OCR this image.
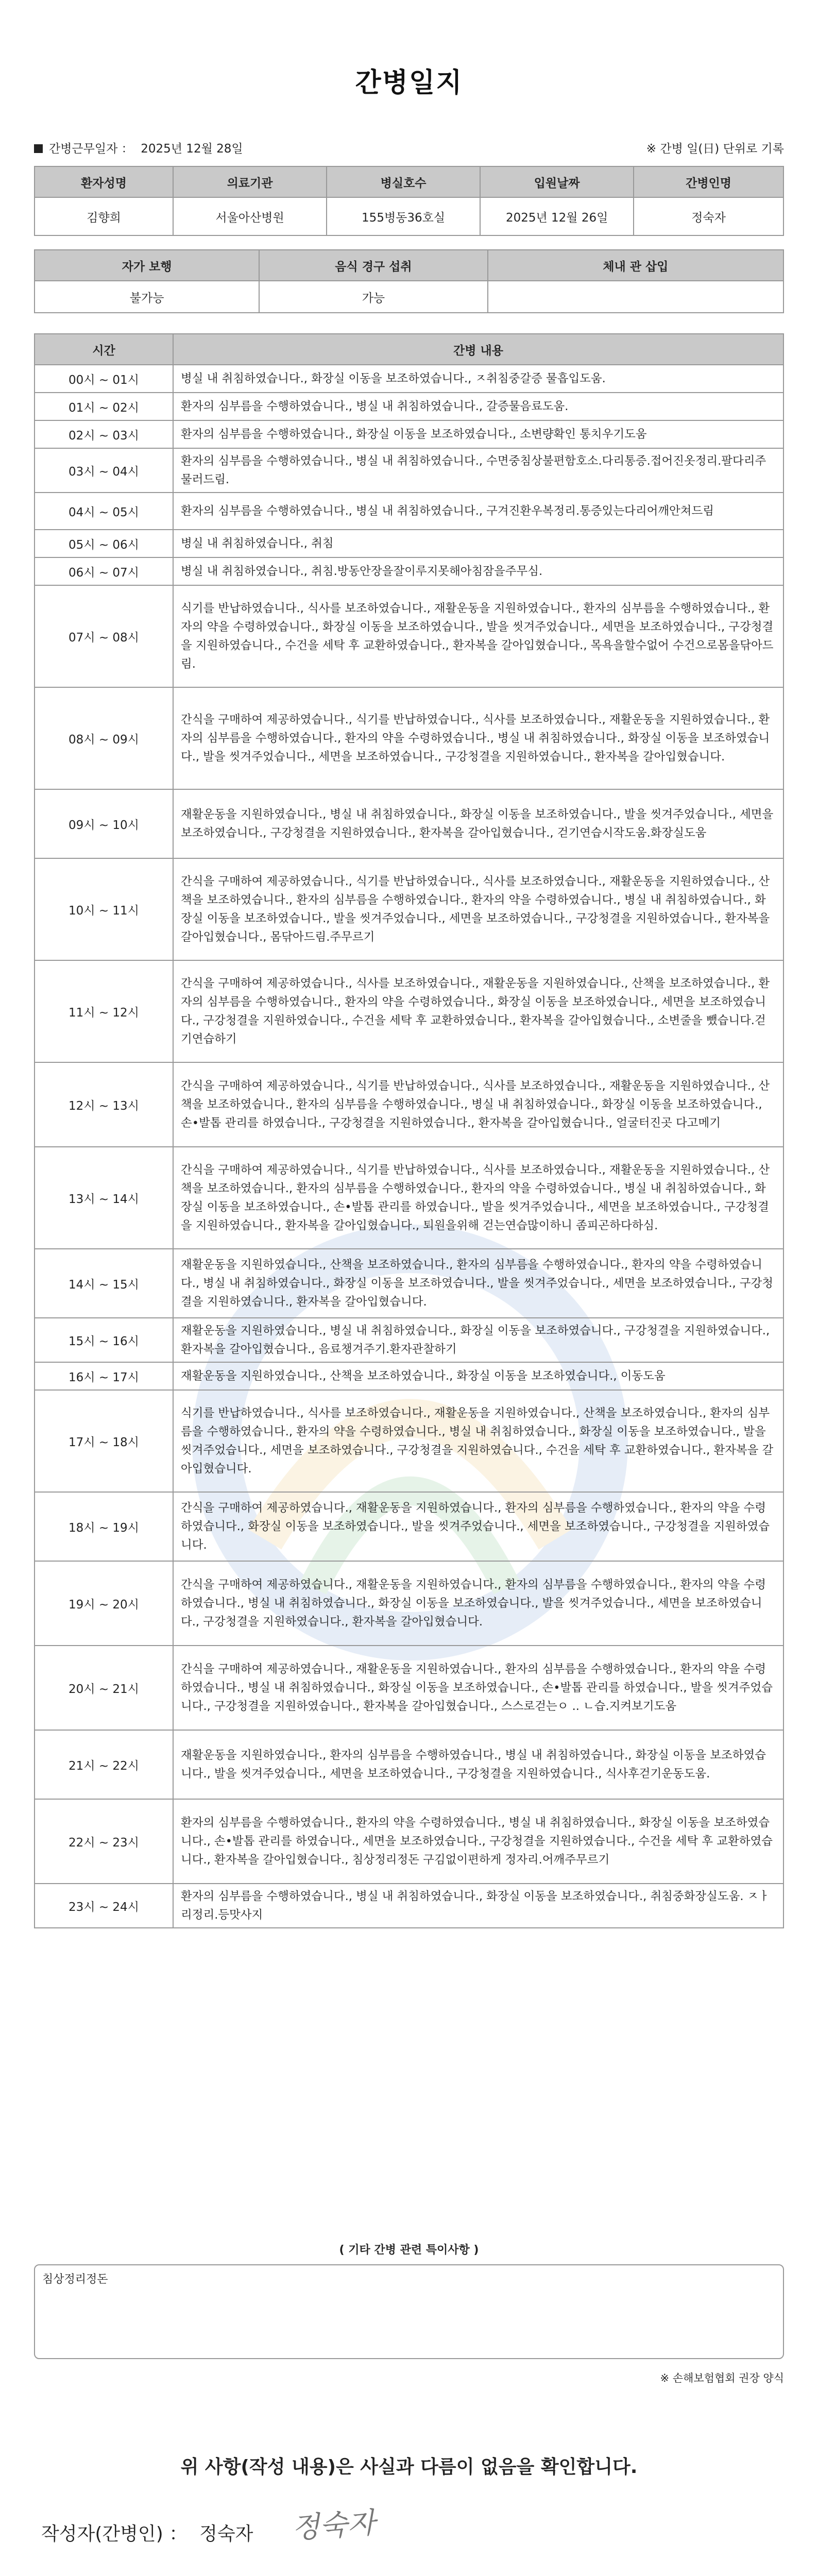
간병일지
간병근무일자 ： 2025년 12월 28일	※ 간병 일(日) 단위로 기록
환자성명	의료기관	병실호수	입원날짜	간병인명
김향희	서울아산병원	155병동36호실	2025년 12월 26일	정숙자
자가 보행	음식 경구 섭취	체내 관 삽입
불가능	가능	
시간	간병 내용
00시 ~ 01시	병실 내 취침하였습니다., 화장실 이동을 보조하였습니다., ㅈ취침중갈증 물흡입도움.
01시 ~ 02시	환자의 심부름을 수행하였습니다., 병실 내 취침하였습니다., 갈증물음료도움.
02시 ~ 03시	환자의 심부름을 수행하였습니다., 화장실 이동을 보조하였습니다., 소변량확인 통치우기도움
03시 ~ 04시	환자의 심부름을 수행하였습니다., 병실 내 취침하였습니다., 수면중침상불편함호소.다리통증.접어진옷정리.팔다리주물러드림.
04시 ~ 05시	환자의 심부름을 수행하였습니다., 병실 내 취침하였습니다., 구겨진환우복정리.통증있는다리어깨안쳐드림
05시 ~ 06시	병실 내 취침하였습니다., 취침
06시 ~ 07시	병실 내 취침하였습니다., 취침.방동안장을잘이루지못해아침잠을주무심.
07시 ~ 08시	식기를 반납하였습니다., 식사를 보조하였습니다., 재활운동을 지원하였습니다., 환자의 심부름을 수행하였습니다., 환자의 약을 수령하였습니다., 화장실 이동을 보조하였습니다., 발을 씻겨주었습니다., 세면을 보조하였습니다., 구강청결을 지원하였습니다., 수건을 세탁 후 교환하였습니다., 환자복을 갈아입혔습니다., 목욕을할수없어 수건으로몸을닦아드림.
08시 ~ 09시	간식을 구매하여 제공하였습니다., 식기를 반납하였습니다., 식사를 보조하였습니다., 재활운동을 지원하였습니다., 환자의 심부름을 수행하였습니다., 환자의 약을 수령하였습니다., 병실 내 취침하였습니다., 화장실 이동을 보조하였습니다., 발을 씻겨주었습니다., 세면을 보조하였습니다., 구강청결을 지원하였습니다., 환자복을 갈아입혔습니다.
09시 ~ 10시	재활운동을 지원하였습니다., 병실 내 취침하였습니다., 화장실 이동을 보조하였습니다., 발을 씻겨주었습니다., 세면을 보조하였습니다., 구강청결을 지원하였습니다., 환자복을 갈아입혔습니다., 걷기연습시작도움.화장실도움
10시 ~ 11시	간식을 구매하여 제공하였습니다., 식기를 반납하였습니다., 식사를 보조하였습니다., 재활운동을 지원하였습니다., 산책을 보조하였습니다., 환자의 심부름을 수행하였습니다., 환자의 약을 수령하였습니다., 병실 내 취침하였습니다., 화장실 이동을 보조하였습니다., 발을 씻겨주었습니다., 세면을 보조하였습니다., 구강청결을 지원하였습니다., 환자복을 갈아입혔습니다., 몸닦아드림.주무르기
11시 ~ 12시	간식을 구매하여 제공하였습니다., 식사를 보조하였습니다., 재활운동을 지원하였습니다., 산책을 보조하였습니다., 환자의 심부름을 수행하였습니다., 환자의 약을 수령하였습니다., 화장실 이동을 보조하였습니다., 세면을 보조하였습니다., 구강청결을 지원하였습니다., 수건을 세탁 후 교환하였습니다., 환자복을 갈아입혔습니다., 소변줄을 뺐습니다.걷기연습하기
12시 ~ 13시	간식을 구매하여 제공하였습니다., 식기를 반납하였습니다., 식사를 보조하였습니다., 재활운동을 지원하였습니다., 산책을 보조하였습니다., 환자의 심부름을 수행하였습니다., 병실 내 취침하였습니다., 화장실 이동을 보조하였습니다., 손•발톱 관리를 하였습니다., 구강청결을 지원하였습니다., 환자복을 갈아입혔습니다., 얼굴터진곳 다고메기
13시 ~ 14시	간식을 구매하여 제공하였습니다., 식기를 반납하였습니다., 식사를 보조하였습니다., 재활운동을 지원하였습니다., 산책을 보조하였습니다., 환자의 심부름을 수행하였습니다., 환자의 약을 수령하였습니다., 병실 내 취침하였습니다., 화장실 이동을 보조하였습니다., 손•발톱 관리를 하였습니다., 발을 씻겨주었습니다., 세면을 보조하였습니다., 구강청결을 지원하였습니다., 환자복을 갈아입혔습니다., 퇴원을위해 걷는연습많이하니 좀피곤하다하심.
14시 ~ 15시	재활운동을 지원하였습니다., 산책을 보조하였습니다., 환자의 심부름을 수행하였습니다., 환자의 약을 수령하였습니다., 병실 내 취침하였습니다., 화장실 이동을 보조하였습니다., 발을 씻겨주었습니다., 세면을 보조하였습니다., 구강청결을 지원하였습니다., 환자복을 갈아입혔습니다.
15시 ~ 16시	재활운동을 지원하였습니다., 병실 내 취침하였습니다., 화장실 이동을 보조하였습니다., 구강청결을 지원하였습니다., 환자복을 갈아입혔습니다., 음료챙겨주기.환자관찰하기
16시 ~ 17시	재활운동을 지원하였습니다., 산책을 보조하였습니다., 화장실 이동을 보조하였습니다., 이동도움
17시 ~ 18시	식기를 반납하였습니다., 식사를 보조하였습니다., 재활운동을 지원하였습니다., 산책을 보조하였습니다., 환자의 심부름을 수행하였습니다., 환자의 약을 수령하였습니다., 병실 내 취침하였습니다., 화장실 이동을 보조하였습니다., 발을 씻겨주었습니다., 세면을 보조하였습니다., 구강청결을 지원하였습니다., 수건을 세탁 후 교환하였습니다., 환자복을 갈아입혔습니다.
18시 ~ 19시	간식을 구매하여 제공하였습니다., 재활운동을 지원하였습니다., 환자의 심부름을 수행하였습니다., 환자의 약을 수령하였습니다., 화장실 이동을 보조하였습니다., 발을 씻겨주었습니다., 세면을 보조하였습니다., 구강청결을 지원하였습니다.
19시 ~ 20시	간식을 구매하여 제공하였습니다., 재활운동을 지원하였습니다., 환자의 심부름을 수행하였습니다., 환자의 약을 수령하였습니다., 병실 내 취침하였습니다., 화장실 이동을 보조하였습니다., 발을 씻겨주었습니다., 세면을 보조하였습니다., 구강청결을 지원하였습니다., 환자복을 갈아입혔습니다.
20시 ~ 21시	간식을 구매하여 제공하였습니다., 재활운동을 지원하였습니다., 환자의 심부름을 수행하였습니다., 환자의 약을 수령하였습니다., 병실 내 취침하였습니다., 화장실 이동을 보조하였습니다., 손•발톱 관리를 하였습니다., 발을 씻겨주었습니다., 구강청결을 지원하였습니다., 환자복을 갈아입혔습니다., 스스로걷는ㅇ .. ㄴ습.지켜보기도움
21시 ~ 22시	재활운동을 지원하였습니다., 환자의 심부름을 수행하였습니다., 병실 내 취침하였습니다., 화장실 이동을 보조하였습니다., 발을 씻겨주었습니다., 세면을 보조하였습니다., 구강청결을 지원하였습니다., 식사후걷기운동도움.
22시 ~ 23시	환자의 심부름을 수행하였습니다., 환자의 약을 수령하였습니다., 병실 내 취침하였습니다., 화장실 이동을 보조하였습니다., 손•발톱 관리를 하였습니다., 세면을 보조하였습니다., 구강청결을 지원하였습니다., 수건을 세탁 후 교환하였습니다., 환자복을 갈아입혔습니다., 침상정리정돈 구김없이편하게 정자리.어깨주무르기
23시 ~ 24시	환자의 심부름을 수행하였습니다., 병실 내 취침하였습니다., 화장실 이동을 보조하였습니다., 취침중화장실도움. ㅈㅏ리정리.등맛사지
( 기타 간병 관련 특이사항 )
침상정리정돈
※ 손해보험협회 권장 양식
위 사항(작성 내용)은 사실과 다름이 없음을 확인합니다.
작성자(간병인) ： 정숙자 정숙자
